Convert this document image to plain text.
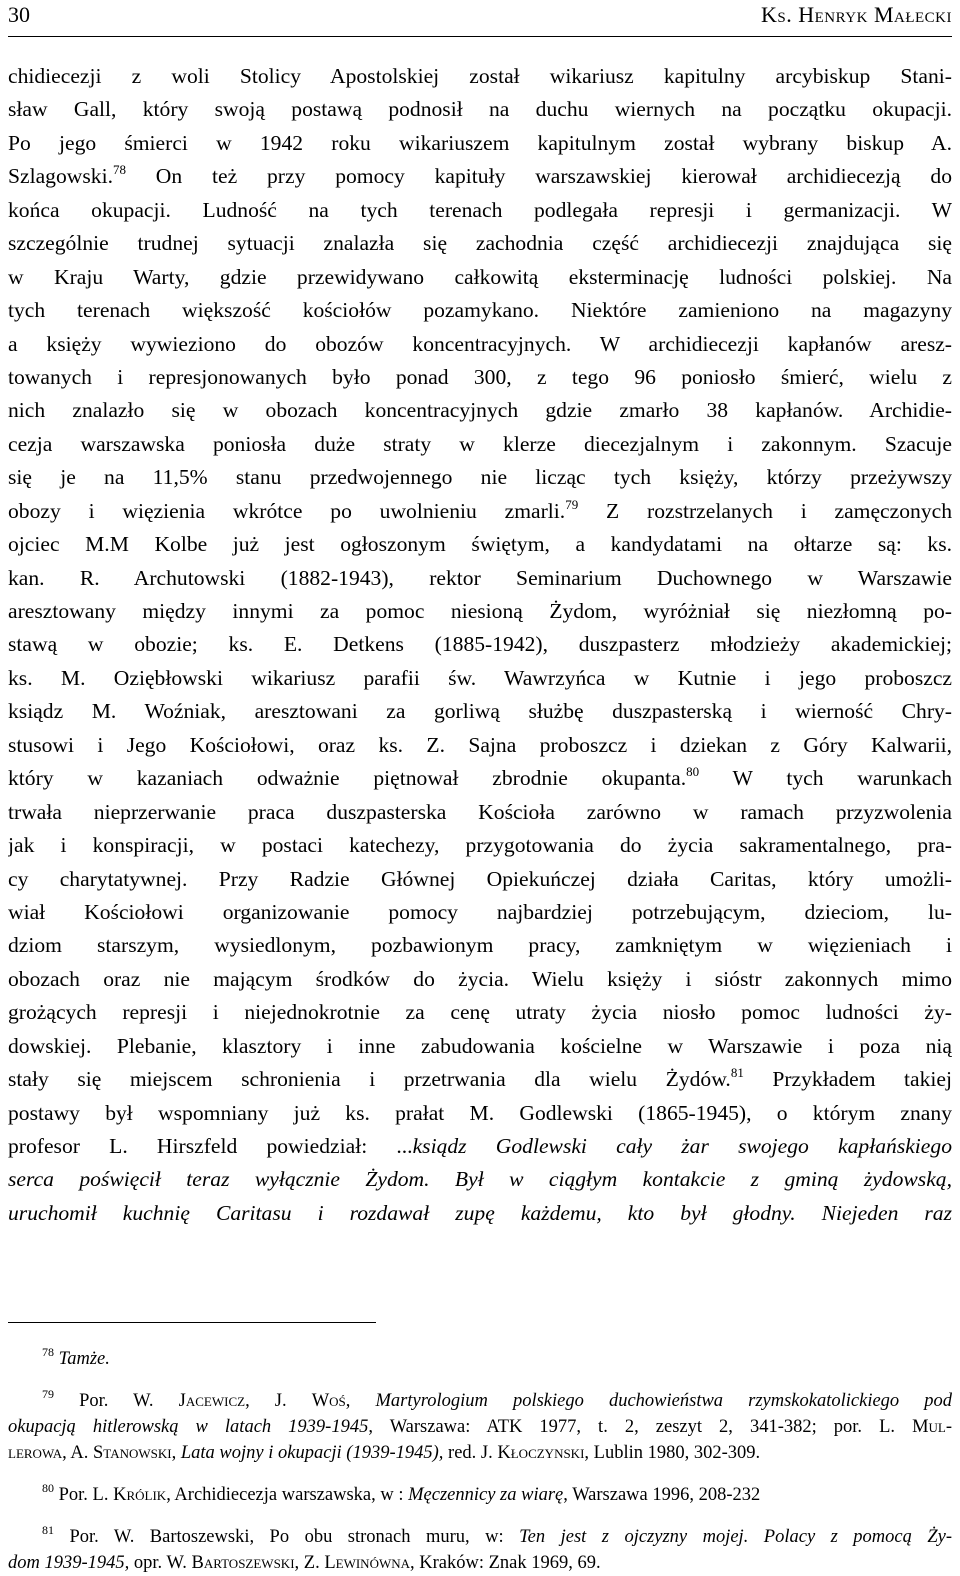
30	Ks. Henryk Małecki
chidiecezji z woli Stolicy Apostolskiej został wikariusz kapitulny arcybiskup Stani-
sław Gall, który swoją postawą podnosił na duchu wiernych na początku okupacji.
Po jego śmierci w 1942 roku wikariuszem kapitulnym został wybrany biskup A.
Szlagowski.$^{78}$ On też przy pomocy kapituły warszawskiej kierował archidiecezją do
końca okupacji. Ludność na tych terenach podlegała represji i germanizacji. W
szczególnie trudnej sytuacji znalazła się zachodnia część archidiecezji znajdująca się
w Kraju Warty, gdzie przewidywano całkowitą eksterminację ludności polskiej. Na
tych terenach większość kościołów pozamykano. Niektóre zamieniono na magazyny
a księży wywieziono do obozów koncentracyjnych. W archidiecezji kapłanów aresz-
towanych i represjonowanych było ponad 300, z tego 96 poniosło śmierć, wielu z
nich znalazło się w obozach koncentracyjnych gdzie zmarło 38 kapłanów. Archidie-
cezja warszawska poniosła duże straty w klerze diecezjalnym i zakonnym. Szacuje
się je na 11,5% stanu przedwojennego nie licząc tych księży, którzy przeżywszy
obozy i więzienia wkrótce po uwolnieniu zmarli.$^{79}$ Z rozstrzelanych i zamęczonych
ojciec M.M Kolbe już jest ogłoszonym świętym, a kandydatami na ołtarze są: ks.
kan. R. Archutowski (1882-1943), rektor Seminarium Duchownego w Warszawie
aresztowany między innymi za pomoc niesioną Żydom, wyróżniał się niezłomną po-
stawą w obozie; ks. E. Detkens (1885-1942), duszpasterz młodzieży akademickiej;
ks. M. Oziębłowski wikariusz parafii św. Wawrzyńca w Kutnie i jego proboszcz
ksiądz M. Woźniak, aresztowani za gorliwą służbę duszpasterską i wierność Chry-
stusowi i Jego Kościołowi, oraz ks. Z. Sajna proboszcz i dziekan z Góry Kalwarii,
który w kazaniach odważnie piętnował zbrodnie okupanta.$^{80}$ W tych warunkach
trwała nieprzerwanie praca duszpasterska Kościoła zarówno w ramach przyzwolenia
jak i konspiracji, w postaci katechezy, przygotowania do życia sakramentalnego, pra-
cy charytatywnej. Przy Radzie Głównej Opiekuńczej działa Caritas, który umożli-
wiał Kościołowi organizowanie pomocy najbardziej potrzebującym, dzieciom, lu-
dziom starszym, wysiedlonym, pozbawionym pracy, zamkniętym w więzieniach i
obozach oraz nie mającym środków do życia. Wielu księży i sióstr zakonnych mimo
grożących represji i niejednokrotnie za cenę utraty życia niosło pomoc ludności ży-
dowskiej. Plebanie, klasztory i inne zabudowania kościelne w Warszawie i poza nią
stały się miejscem schronienia i przetrwania dla wielu Żydów.$^{81}$ Przykładem takiej
postawy był wspomniany już ks. prałat M. Godlewski (1865-1945), o którym znany
profesor L. Hirszfeld powiedział: ...ksiądz Godlewski cały żar swojego kapłańskiego
serca poświęcił teraz wyłącznie Żydom. Był w ciągłym kontakcie z gminą żydowską,
uruchomił kuchnię Caritasu i rozdawał zupę każdemu, kto był głodny. Niejeden raz
$^{78}$ Tamże.
$^{79}$ Por. W. Jacewicz, J. Woś, Martyrologium polskiego duchowieństwa rzymskokatolickiego pod
okupacją hitlerowską w latach 1939-1945, Warszawa: ATK 1977, t. 2, zeszyt 2, 341-382; por. L. Mul-
lerowa, A. Stanowski, Lata wojny i okupacji (1939-1945), red. J. Kłoczynski, Lublin 1980, 302-309.
$^{80}$ Por. L. Królik, Archidiecezja warszawska, w : Męczennicy za wiarę, Warszawa 1996, 208-232
$^{81}$ Por. W. Bartoszewski, Po obu stronach muru, w: Ten jest z ojczyzny mojej. Polacy z pomocą Ży-
dom 1939-1945, opr. W. Bartoszewski, Z. Lewinówna, Kraków: Znak 1969, 69.
